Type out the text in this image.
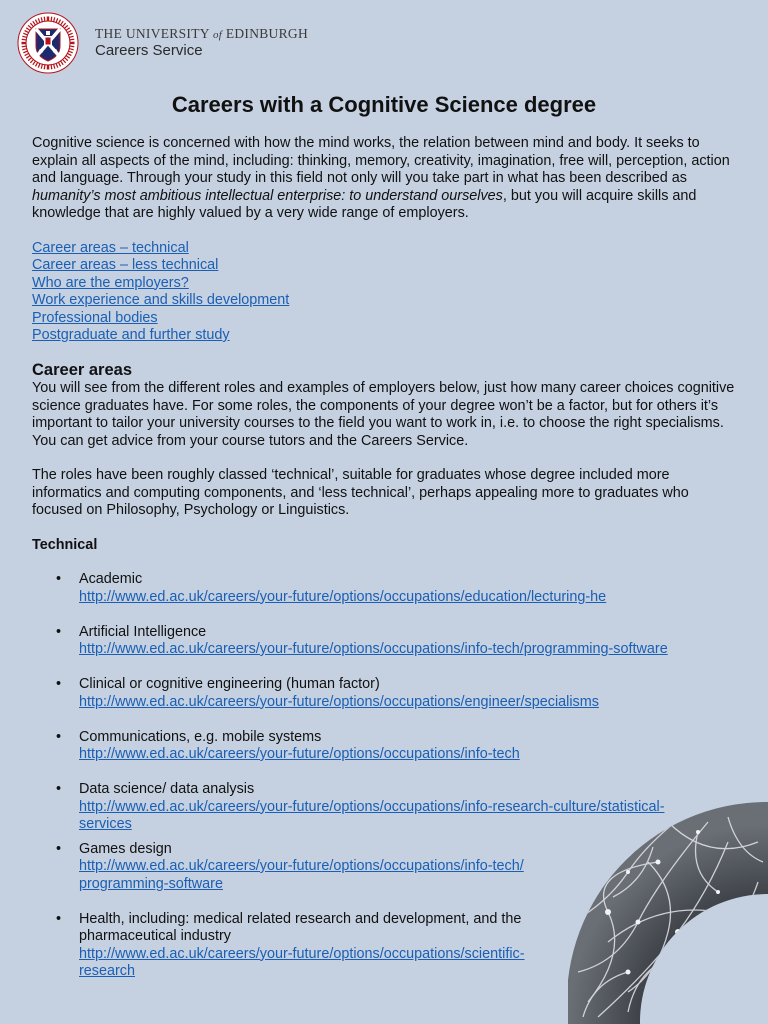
THE UNIVERSITY of EDINBURGH
Careers Service
Careers with a Cognitive Science degree

Cognitive science is concerned with how the mind works, the relation between mind and body. It seeks to explain all aspects of the mind, including: thinking, memory, creativity, imagination, free will, perception, action and language. Through your study in this field not only will you take part in what has been described as humanity’s most ambitious intellectual enterprise: to understand ourselves, but you will acquire skills and knowledge that are highly valued by a very wide range of employers.

Career areas – technical
Career areas – less technical
Who are the employers?
Work experience and skills development
Professional bodies
Postgraduate and further study
Career areas

You will see from the different roles and examples of employers below, just how many career choices cognitive science graduates have. For some roles, the components of your degree won’t be a factor, but for others it’s important to tailor your university courses to the field you want to work in, i.e. to choose the right specialisms. You can get advice from your course tutors and the Careers Service.

The roles have been roughly classed ‘technical’, suitable for graduates whose degree included more informatics and computing components, and ‘less technical’, perhaps appealing more to graduates who focused on Philosophy, Psychology or Linguistics.

Technical
• Academic
http://www.ed.ac.uk/careers/your-future/options/occupations/education/lecturing-he
• Artificial Intelligence
http://www.ed.ac.uk/careers/your-future/options/occupations/info-tech/programming-software
• Clinical or cognitive engineering (human factor)
http://www.ed.ac.uk/careers/your-future/options/occupations/engineer/specialisms
• Communications, e.g. mobile systems
http://www.ed.ac.uk/careers/your-future/options/occupations/info-tech
• Data science/ data analysis
http://www.ed.ac.uk/careers/your-future/options/occupations/info-research-culture/statistical-
services
• Games design
http://www.ed.ac.uk/careers/your-future/options/occupations/info-tech/
programming-software
• Health, including: medical related research and development, and the
pharmaceutical industry
http://www.ed.ac.uk/careers/your-future/options/occupations/scientific-
research
